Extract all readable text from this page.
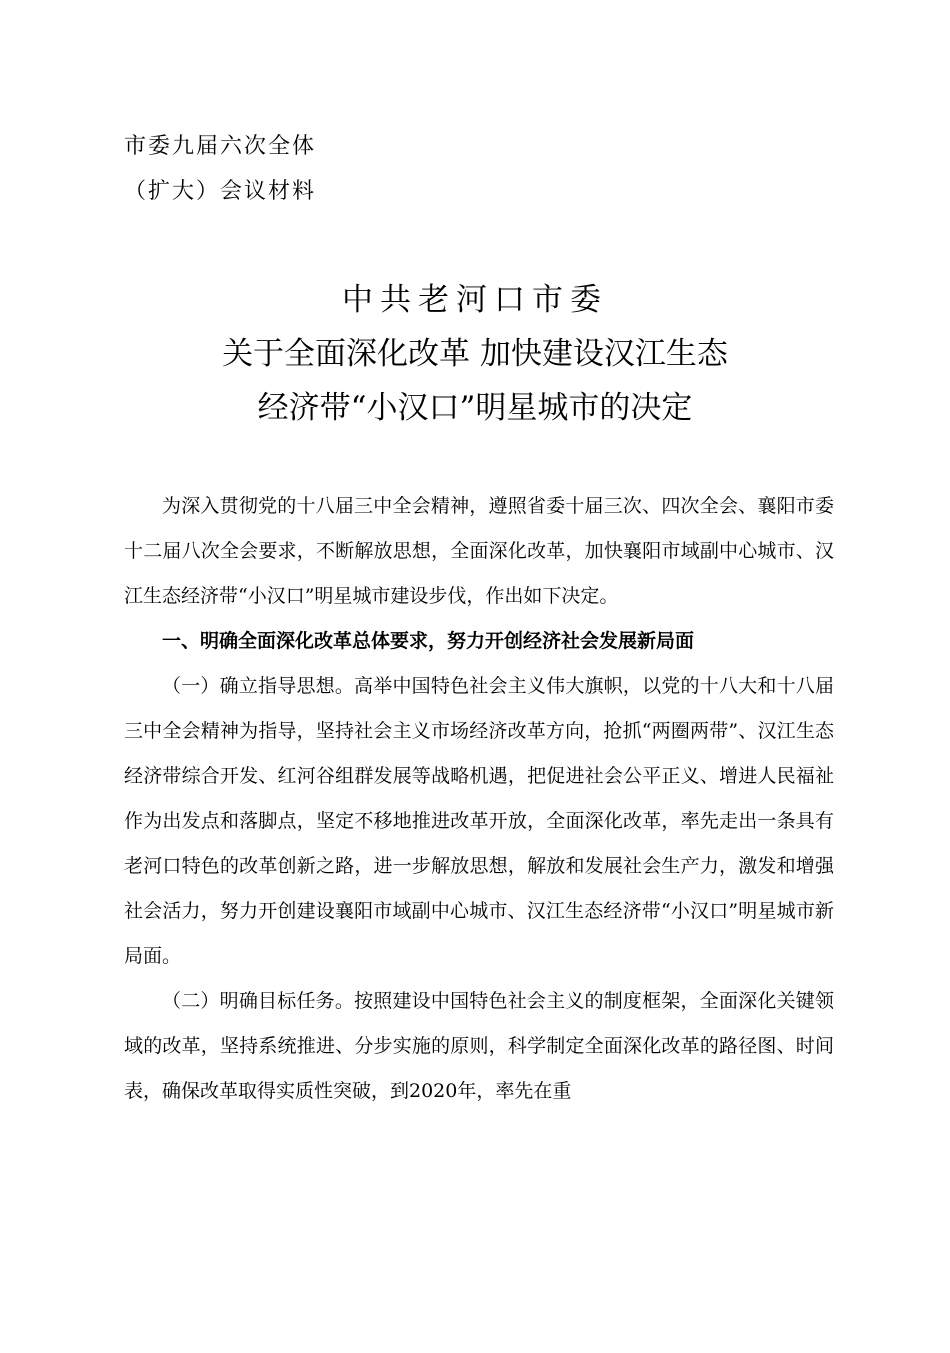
市委九届六次全体
（扩大）会议材料
中共老河口市委
关于全面深化改革 加快建设汉江生态
经济带“小汉口”明星城市的决定

为深入贯彻党的十八届三中全会精神，遵照省委十届三次、四次全会、襄阳市委十二届八次全会要求，不断解放思想，全面深化改革，加快襄阳市域副中心城市、汉江生态经济带“小汉口”明星城市建设步伐，作出如下决定。

一、明确全面深化改革总体要求，努力开创经济社会发展新局面

（一）确立指导思想。高举中国特色社会主义伟大旗帜，以党的十八大和十八届三中全会精神为指导，坚持社会主义市场经济改革方向，抢抓“两圈两带”、汉江生态经济带综合开发、红河谷组群发展等战略机遇，把促进社会公平正义、增进人民福祉作为出发点和落脚点，坚定不移地推进改革开放，全面深化改革，率先走出一条具有老河口特色的改革创新之路，进一步解放思想，解放和发展社会生产力，激发和增强社会活力，努力开创建设襄阳市域副中心城市、汉江生态经济带“小汉口”明星城市新局面。

（二）明确目标任务。按照建设中国特色社会主义的制度框架，全面深化关键领域的改革，坚持系统推进、分步实施的原则，科学制定全面深化改革的路径图、时间表，确保改革取得实质性突破，到2020年，率先在重
